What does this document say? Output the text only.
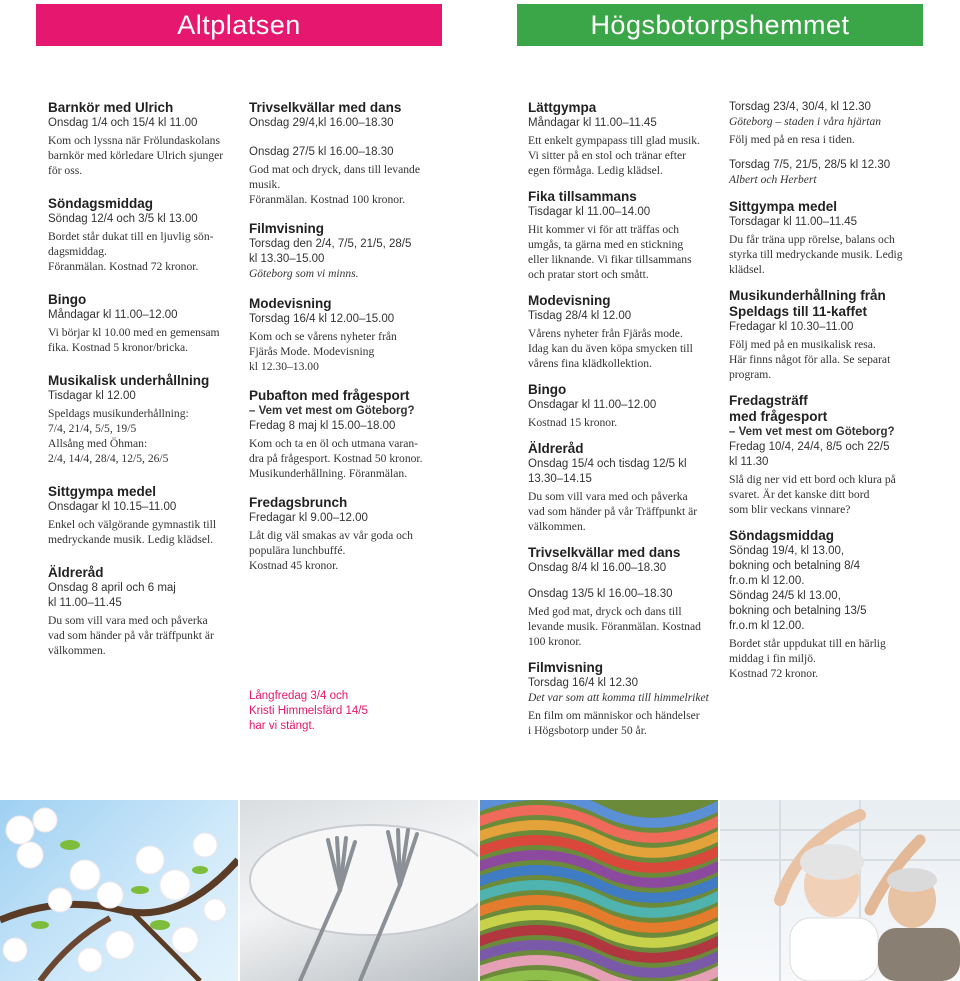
Altplatsen	Högsbotorpshemmet
Barnkör med Ulrich
Onsdag 1/4 och 15/4 kl 11.00
Kom och lyssna när Frölundaskolans
barnkör med körledare Ulrich sjunger
för oss.
Söndagsmiddag
Söndag 12/4 och 3/5 kl 13.00
Bordet står dukat till en ljuvlig sön-
dagsmiddag.
Föranmälan. Kostnad 72 kronor.
Bingo
Måndagar kl 11.00–12.00
Vi börjar kl 10.00 med en gemensam
fika. Kostnad 5 kronor/bricka.
Musikalisk underhållning
Tisdagar kl 12.00
Speldags musikunderhållning:
7/4, 21/4, 5/5, 19/5
Allsång med Öhman:
2/4, 14/4, 28/4, 12/5, 26/5
Sittgympa medel
Onsdagar kl 10.15–11.00
Enkel och välgörande gymnastik till
medryckande musik. Ledig klädsel.
Äldreråd
Onsdag 8 april och 6 maj
kl 11.00–11.45
Du som vill vara med och påverka
vad som händer på vår träffpunkt är
välkommen.
Trivselkvällar med dans
Onsdag 29/4,kl 16.00–18.30
Onsdag 27/5 kl 16.00–18.30
God mat och dryck, dans till levande
musik.
Föranmälan. Kostnad 100 kronor.
Filmvisning
Torsdag den 2/4, 7/5, 21/5, 28/5
kl 13.30–15.00
Göteborg som vi minns.
Modevisning
Torsdag 16/4 kl 12.00–15.00
Kom och se vårens nyheter från
Fjärås Mode. Modevisning
kl 12.30–13.00
Pubafton med frågesport
– Vem vet mest om Göteborg?
Fredag 8 maj kl 15.00–18.00
Kom och ta en öl och utmana varan-
dra på frågesport. Kostnad 50 kronor.
Musikunderhållning. Föranmälan.
Fredagsbrunch
Fredagar kl 9.00–12.00
Låt dig väl smakas av vår goda och
populära lunchbuffé.
Kostnad 45 kronor.
Långfredag 3/4 och
Kristi Himmelsfärd 14/5
har vi stängt.
Lättgympa
Måndagar kl 11.00–11.45
Ett enkelt gympapass till glad musik.
Vi sitter på en stol och tränar efter
egen förmåga. Ledig klädsel.
Fika tillsammans
Tisdagar kl 11.00–14.00
Hit kommer vi för att träffas och
umgås, ta gärna med en stickning
eller liknande. Vi fikar tillsammans
och pratar stort och smått.
Modevisning
Tisdag 28/4 kl 12.00
Vårens nyheter från Fjärås mode.
Idag kan du även köpa smycken till
vårens fina klädkollektion.
Bingo
Onsdagar kl 11.00–12.00
Kostnad 15 kronor.
Äldreråd
Onsdag 15/4 och tisdag 12/5 kl
13.30–14.15
Du som vill vara med och påverka
vad som händer på vår Träffpunkt är
välkommen.
Trivselkvällar med dans
Onsdag 8/4 kl 16.00–18.30
Onsdag 13/5 kl 16.00–18.30
Med god mat, dryck och dans till
levande musik. Föranmälan. Kostnad
100 kronor.
Filmvisning
Torsdag 16/4 kl 12.30
Det var som att komma till himmelriket
En film om människor och händelser
i Högsbotorp under 50 år.
Torsdag 23/4, 30/4, kl 12.30
Göteborg – staden i våra hjärtan
Följ med på en resa i tiden.
Torsdag 7/5, 21/5, 28/5 kl 12.30
Albert och Herbert
Sittgympa medel
Torsdagar kl 11.00–11.45
Du får träna upp rörelse, balans och
styrka till medryckande musik. Ledig
klädsel.
Musikunderhållning från
Speldags till 11-kaffet
Fredagar kl 10.30–11.00
Följ med på en musikalisk resa.
Här finns något för alla. Se separat
program.
Fredagsträff
med frågesport
– Vem vet mest om Göteborg?
Fredag 10/4, 24/4, 8/5 och 22/5
kl 11.30
Slå dig ner vid ett bord och klura på
svaret. Är det kanske ditt bord
som blir veckans vinnare?
Söndagsmiddag
Söndag 19/4, kl 13.00,
bokning och betalning 8/4
fr.o.m kl 12.00.
Söndag 24/5 kl 13.00,
bokning och betalning 13/5
fr.o.m kl 12.00.
Bordet står uppdukat till en härlig
middag i fin miljö.
Kostnad 72 kronor.
